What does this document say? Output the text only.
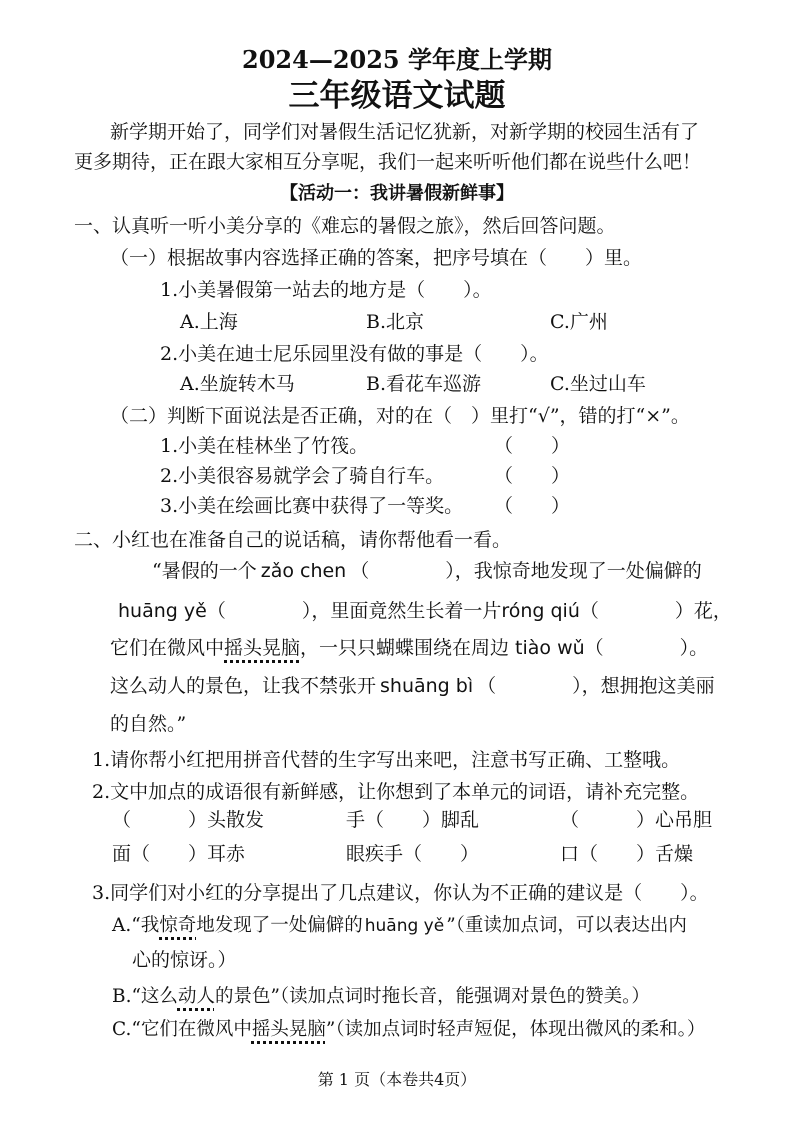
2024—2025 学年度上学期
三年级语文试题
新学期开始了，同学们对暑假生活记忆犹新，对新学期的校园生活有了
更多期待，正在跟大家相互分享呢，我们一起来听听他们都在说些什么吧！
【活动一：我讲暑假新鲜事】
一、认真听一听小美分享的《难忘的暑假之旅》，然后回答问题。
（一）根据故事内容选择正确的答案，把序号填在（　　）里。
1.小美暑假第一站去的地方是（　　）。
A.上海	B.北京	C.广州
2.小美在迪士尼乐园里没有做的事是（　　）。
A.坐旋转木马	B.看花车巡游	C.坐过山车
（二）判断下面说法是否正确，对的在（　）里打“√”，错的打“×”。
1.小美在桂林坐了竹筏。	（　　）
2.小美很容易就学会了骑自行车。	（　　）
3.小美在绘画比赛中获得了一等奖。 （　　）
二、小红也在准备自己的说话稿，请你帮他看一看。
“暑假的一个 zǎo chen （　　　　），我惊奇地发现了一处偏僻的
huāng yě（　　　　），里面竟然生长着一片róng qiú（　　　　）花，
它们在微风中摇头晃脑，一只只蝴蝶围绕在周边 tiào wǔ（　　　　）。
这么动人的景色，让我不禁张开 shuāng bì （　　　　），想拥抱这美丽
的自然。”
1.请你帮小红把用拼音代替的生字写出来吧，注意书写正确、工整哦。
2.文中加点的成语很有新鲜感，让你想到了本单元的词语，请补充完整。
（　　　）头散发	手（　　）脚乱	（　　　）心吊胆
面（　　）耳赤	眼疾手（　　）	口（　　）舌燥
3.同学们对小红的分享提出了几点建议，你认为不正确的建议是（　　）。
A.“我惊奇地发现了一处偏僻的 huāng yě ”（重读加点词，可以表达出内
心的惊讶。）
B.“这么动人的景色”（读加点词时拖长音，能强调对景色的赞美。）
C.“它们在微风中摇头晃脑”（读加点词时轻声短促，体现出微风的柔和。）
第 1 页（本卷共4页）
